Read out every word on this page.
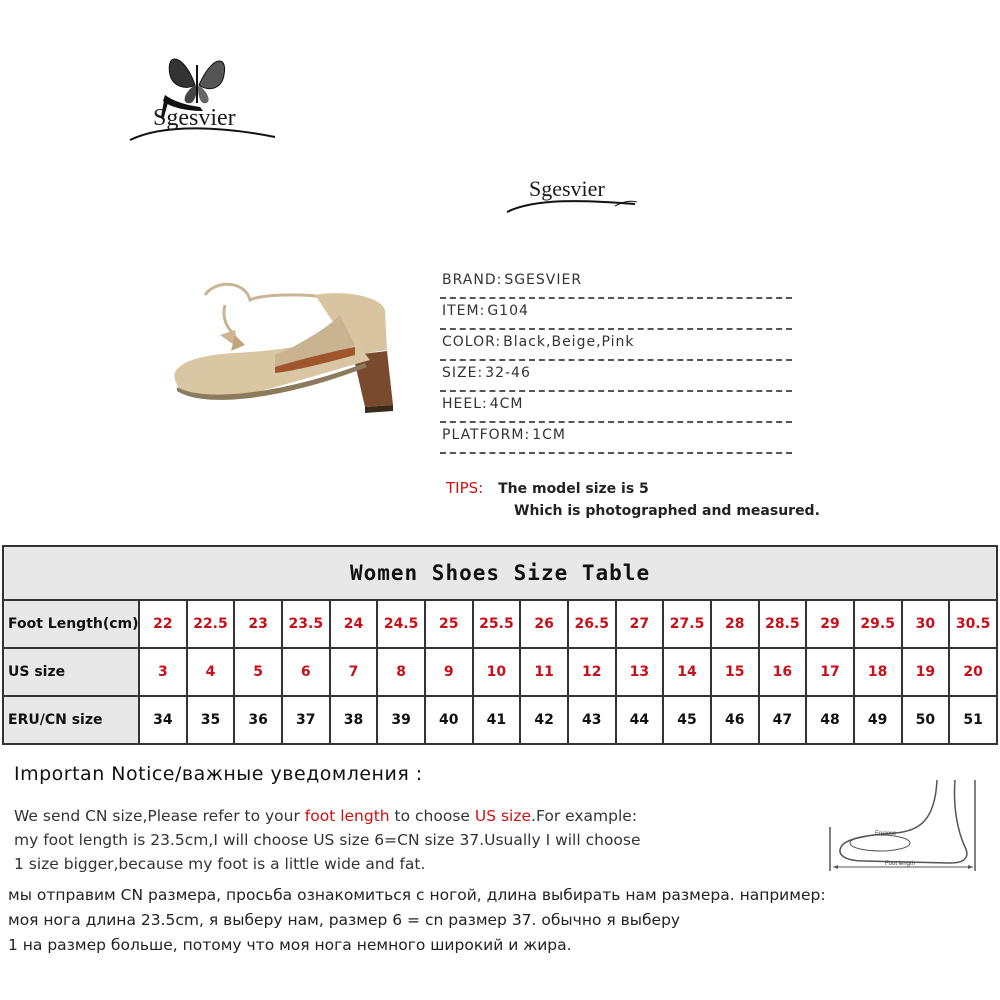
Sgesvier
Sgesvier
BRAND: SGESVIER
ITEM: G104
COLOR: Black,Beige,Pink
SIZE: 32-46
HEEL: 4CM
PLATFORM: 1CM
TIPS: The model size is 5
Which is photographed and measured.
Women Shoes Size Table																		
Foot Length(cm)	22	22.5	23	23.5	24	24.5	25	25.5	26	26.5	27	27.5	28	28.5	29	29.5	30	30.5
US size	3	4	5	6	7	8	9	10	11	12	13	14	15	16	17	18	19	20
ERU/CN size	34	35	36	37	38	39	40	41	42	43	44	45	46	47	48	49	50	51
Importan Notice/важные уведомления :
We send CN size,Please refer to your foot length to choose US size.For example:
my foot length is 23.5cm,I will choose US size 6=CN size 37.Usually I will choose
1 size bigger,because my foot is a little wide and fat.
мы отправим CN размера, просьба ознакомиться с ногой, длина выбирать нам размера. например:
моя нога длина 23.5cm, я выберу нам, размер 6 = cn размер 37. обычно я выберу
1 на размер больше, потому что моя нога немного широкий и жира.
Enclose
Foot length
